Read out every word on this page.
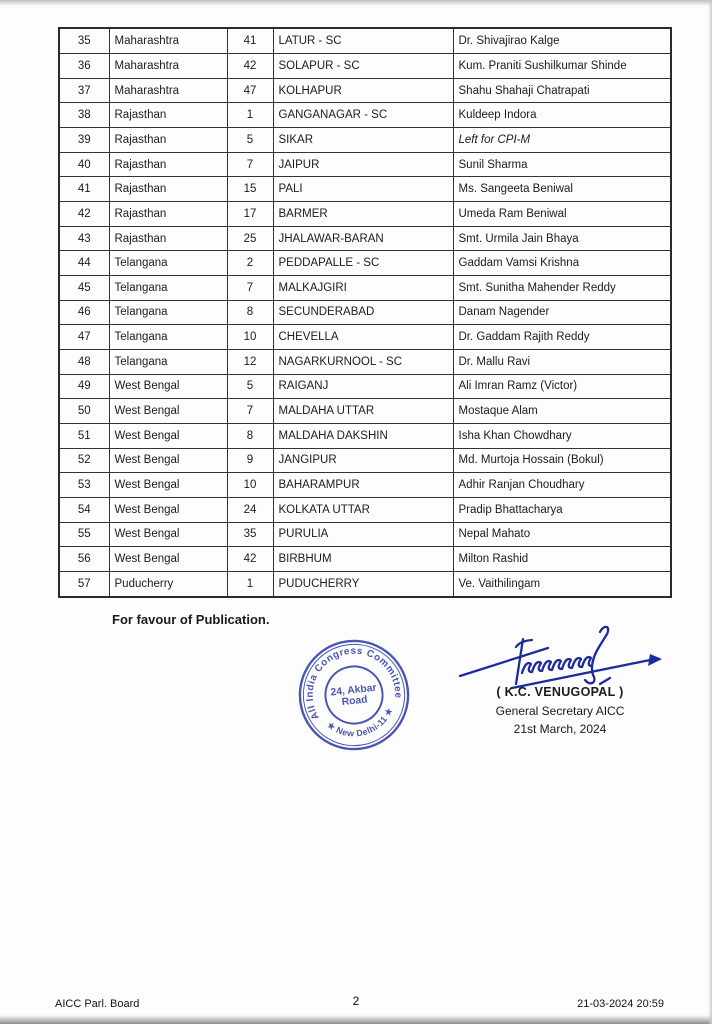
35	Maharashtra	41	LATUR - SC	Dr. Shivajirao Kalge
36	Maharashtra	42	SOLAPUR - SC	Kum. Praniti Sushilkumar Shinde
37	Maharashtra	47	KOLHAPUR	Shahu Shahaji Chatrapati
38	Rajasthan	1	GANGANAGAR - SC	Kuldeep Indora
39	Rajasthan	5	SIKAR	Left for CPI-M
40	Rajasthan	7	JAIPUR	Sunil Sharma
41	Rajasthan	15	PALI	Ms. Sangeeta Beniwal
42	Rajasthan	17	BARMER	Umeda Ram Beniwal
43	Rajasthan	25	JHALAWAR-BARAN	Smt. Urmila Jain Bhaya
44	Telangana	2	PEDDAPALLE - SC	Gaddam Vamsi Krishna
45	Telangana	7	MALKAJGIRI	Smt. Sunitha Mahender Reddy
46	Telangana	8	SECUNDERABAD	Danam Nagender
47	Telangana	10	CHEVELLA	Dr. Gaddam Rajith Reddy
48	Telangana	12	NAGARKURNOOL - SC	Dr. Mallu Ravi
49	West Bengal	5	RAIGANJ	Ali Imran Ramz (Victor)
50	West Bengal	7	MALDAHA UTTAR	Mostaque Alam
51	West Bengal	8	MALDAHA DAKSHIN	Isha Khan Chowdhary
52	West Bengal	9	JANGIPUR	Md. Murtoja Hossain (Bokul)
53	West Bengal	10	BAHARAMPUR	Adhir Ranjan Choudhary
54	West Bengal	24	KOLKATA UTTAR	Pradip Bhattacharya
55	West Bengal	35	PURULIA	Nepal Mahato
56	West Bengal	42	BIRBHUM	Milton Rashid
57	Puducherry	1	PUDUCHERRY	Ve. Vaithilingam
For favour of Publication.
All India Congress Committee
★ New Delhi-11 ★
24, Akbar
Road
( K.C. VENUGOPAL )
General Secretary AICC
21st March, 2024
AICC Parl. Board	2	21-03-2024 20:59
